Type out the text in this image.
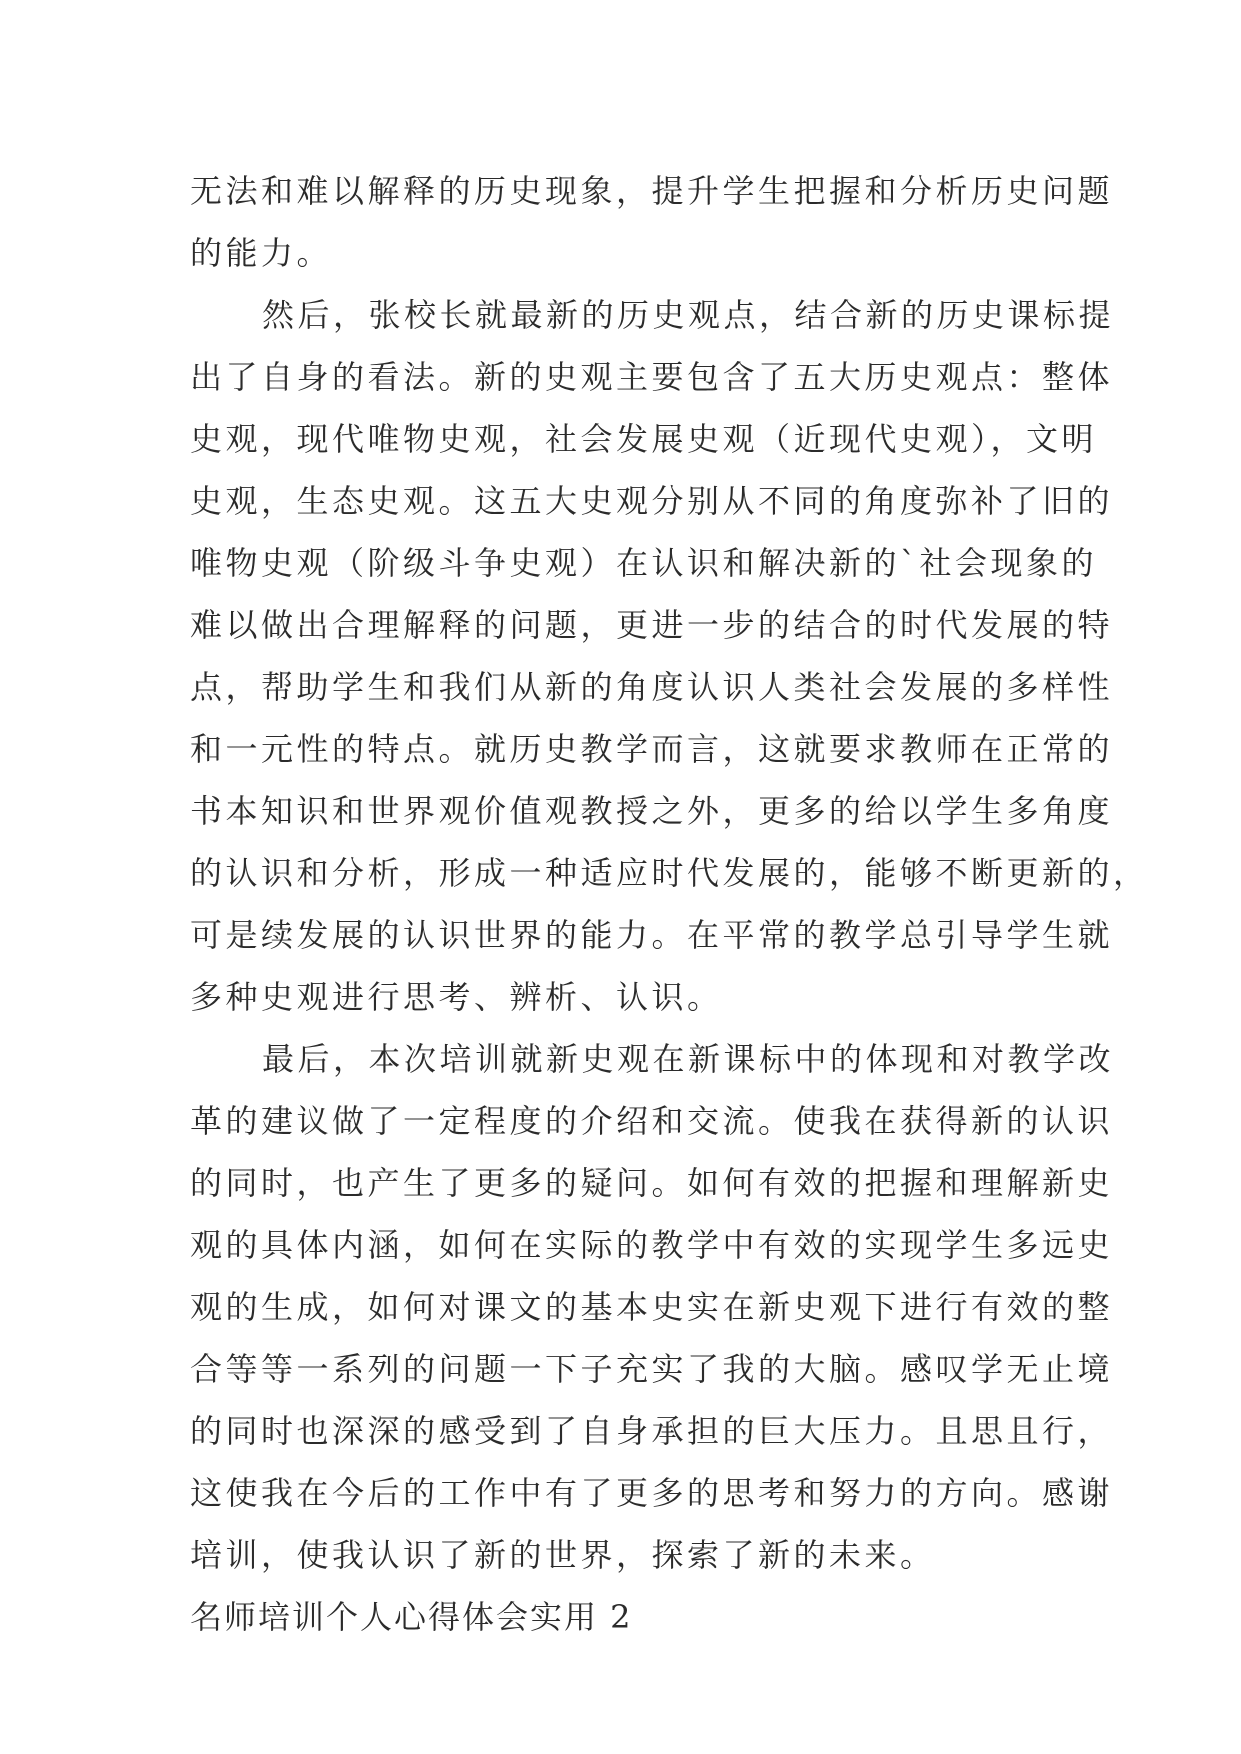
无法和难以解释的历史现象，提升学生把握和分析历史问题
的能力。
然后，张校长就最新的历史观点，结合新的历史课标提
出了自身的看法。新的史观主要包含了五大历史观点：整体
史观，现代唯物史观，社会发展史观（近现代史观），文明
史观，生态史观。这五大史观分别从不同的角度弥补了旧的
唯物史观（阶级斗争史观）在认识和解决新的`社会现象的
难以做出合理解释的问题，更进一步的结合的时代发展的特
点，帮助学生和我们从新的角度认识人类社会发展的多样性
和一元性的特点。就历史教学而言，这就要求教师在正常的
书本知识和世界观价值观教授之外，更多的给以学生多角度
的认识和分析，形成一种适应时代发展的，能够不断更新的，
可是续发展的认识世界的能力。在平常的教学总引导学生就
多种史观进行思考、辨析、认识。
最后，本次培训就新史观在新课标中的体现和对教学改
革的建议做了一定程度的介绍和交流。使我在获得新的认识
的同时，也产生了更多的疑问。如何有效的把握和理解新史
观的具体内涵，如何在实际的教学中有效的实现学生多远史
观的生成，如何对课文的基本史实在新史观下进行有效的整
合等等一系列的问题一下子充实了我的大脑。感叹学无止境
的同时也深深的感受到了自身承担的巨大压力。且思且行，
这使我在今后的工作中有了更多的思考和努力的方向。感谢
培训，使我认识了新的世界，探索了新的未来。
名师培训个人心得体会实用 2
